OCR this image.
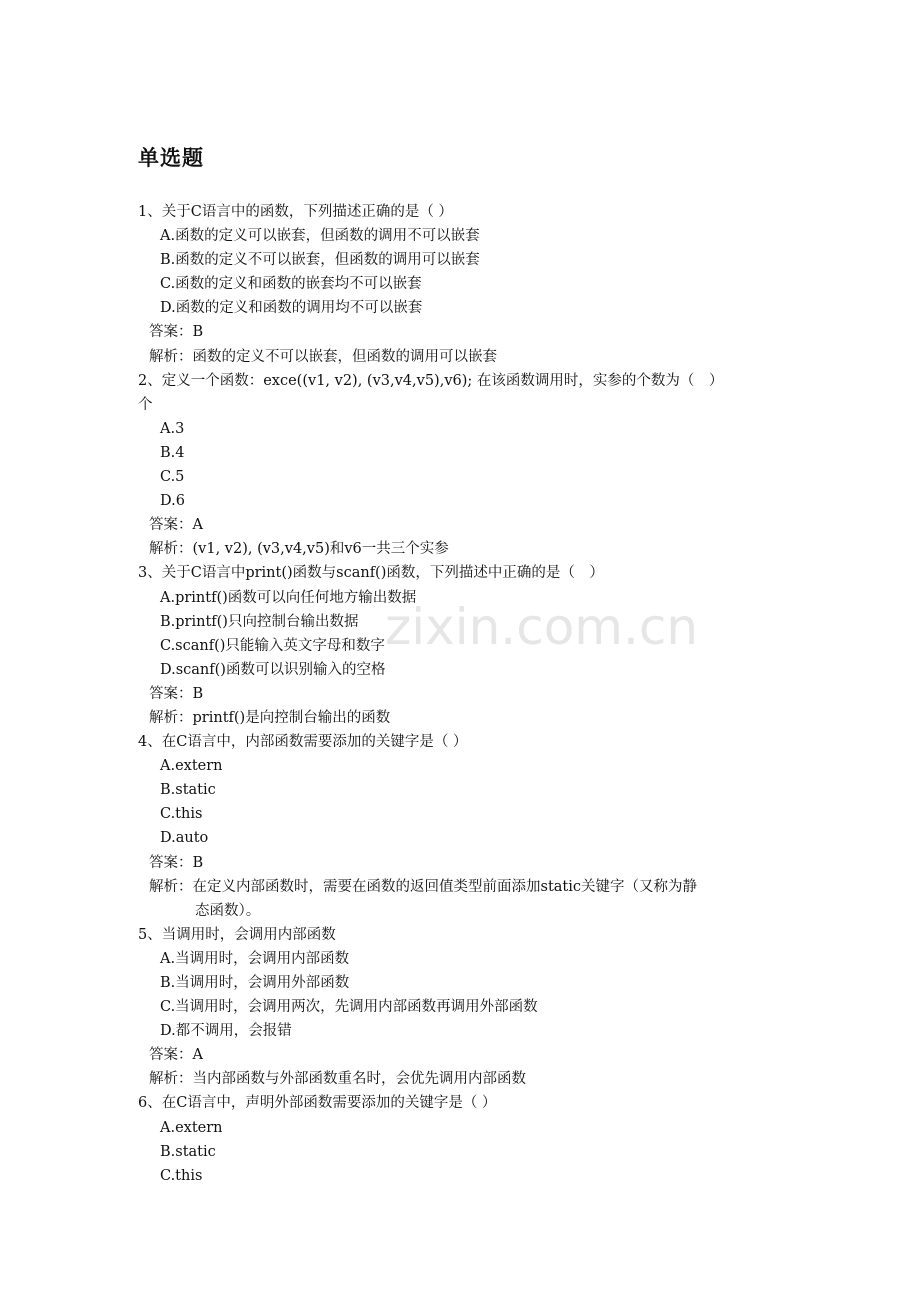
zixin.com.cn
单选题
1、关于C语言中的函数，下列描述正确的是（ ）
A.函数的定义可以嵌套，但函数的调用不可以嵌套
B.函数的定义不可以嵌套，但函数的调用可以嵌套
C.函数的定义和函数的嵌套均不可以嵌套
D.函数的定义和函数的调用均不可以嵌套
答案：B
解析：函数的定义不可以嵌套，但函数的调用可以嵌套
2、定义一个函数：exce((v1, v2), (v3,v4,v5),v6); 在该函数调用时，实参的个数为（　）
个
A.3
B.4
C.5
D.6
答案：A
解析：(v1, v2), (v3,v4,v5)和v6一共三个实参
3、关于C语言中print()函数与scanf()函数，下列描述中正确的是（　）
A.printf()函数可以向任何地方输出数据
B.printf()只向控制台输出数据
C.scanf()只能输入英文字母和数字
D.scanf()函数可以识别输入的空格
答案：B
解析：printf()是向控制台输出的函数
4、在C语言中，内部函数需要添加的关键字是（ ）
A.extern
B.static
C.this
D.auto
答案：B
解析：在定义内部函数时，需要在函数的返回值类型前面添加static关键字（又称为静
态函数）。
5、当调用时，会调用内部函数
A.当调用时，会调用内部函数
B.当调用时，会调用外部函数
C.当调用时，会调用两次，先调用内部函数再调用外部函数
D.都不调用，会报错
答案：A
解析：当内部函数与外部函数重名时，会优先调用内部函数
6、在C语言中，声明外部函数需要添加的关键字是（ ）
A.extern
B.static
C.this
